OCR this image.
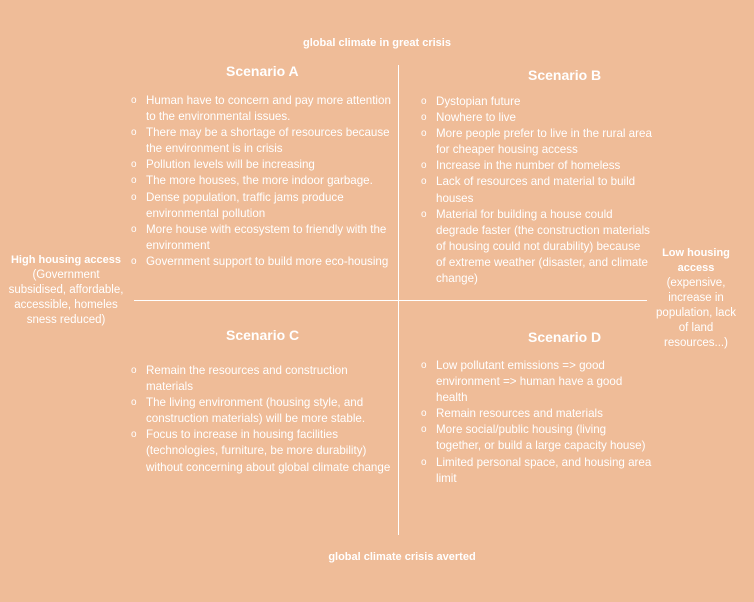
global climate in great crisis
global climate crisis averted
High housing access
(Government subsidised, affordable, accessible, homeles sness reduced)
Low housing access
(expensive, increase in population, lack of land resources...)
Scenario A	Scenario B
Scenario C	Scenario D
o Human have to concern and pay more attention to the environmental issues.
o There may be a shortage of resources because the environment is in crisis
o Pollution levels will be increasing
o The more houses, the more indoor garbage.
o Dense population, traffic jams produce environmental pollution
o More house with ecosystem to friendly with the environment
o Government support to build more eco-housing
o Dystopian future
o Nowhere to live
o More people prefer to live in the rural area for cheaper housing access
o Increase in the number of homeless
o Lack of resources and material to build houses
o Material for building a house could degrade faster (the construction materials of housing could not durability) because of extreme weather (disaster, and climate change)
o Remain the resources and construction materials
o The living environment (housing style, and construction materials) will be more stable.
o Focus to increase in housing facilities (technologies, furniture, be more durability) without concerning about global climate change
o Low pollutant emissions => good environment => human have a good health
o Remain resources and materials
o More social/public housing (living together, or build a large capacity house)
o Limited personal space, and housing area limit
